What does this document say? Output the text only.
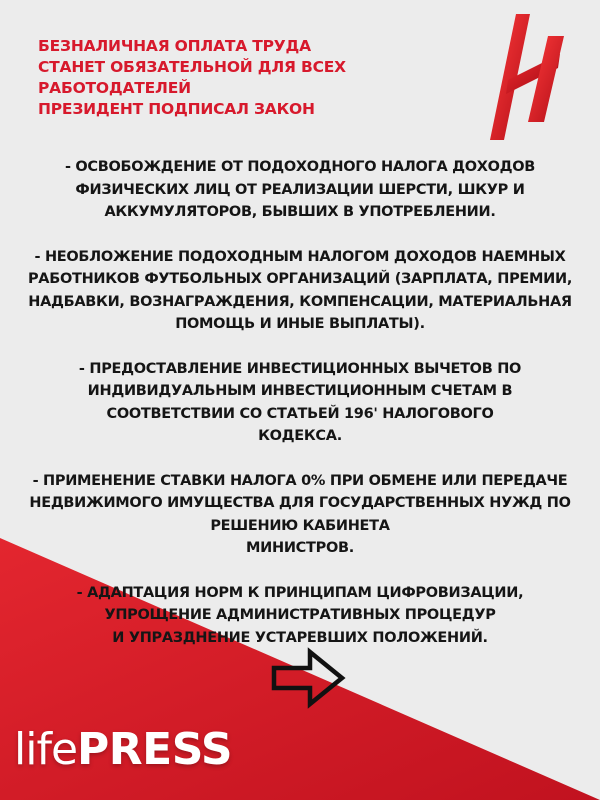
БЕЗНАЛИЧНАЯ ОПЛАТА ТРУДА
СТАНЕТ ОБЯЗАТЕЛЬНОЙ ДЛЯ ВСЕХ
РАБОТОДАТЕЛЕЙ
ПРЕЗИДЕНТ ПОДПИСАЛ ЗАКОН
- ОСВОБОЖДЕНИЕ ОТ ПОДОХОДНОГО НАЛОГА ДОХОДОВ
ФИЗИЧЕСКИХ ЛИЦ ОТ РЕАЛИЗАЦИИ ШЕРСТИ, ШКУР И
АККУМУЛЯТОРОВ, БЫВШИХ В УПОТРЕБЛЕНИИ.
- НЕОБЛОЖЕНИЕ ПОДОХОДНЫМ НАЛОГОМ ДОХОДОВ НАЕМНЫХ
РАБОТНИКОВ ФУТБОЛЬНЫХ ОРГАНИЗАЦИЙ (ЗАРПЛАТА, ПРЕМИИ,
НАДБАВКИ, ВОЗНАГРАЖДЕНИЯ, КОМПЕНСАЦИИ, МАТЕРИАЛЬНАЯ
ПОМОЩЬ И ИНЫЕ ВЫПЛАТЫ).
- ПРЕДОСТАВЛЕНИЕ ИНВЕСТИЦИОННЫХ ВЫЧЕТОВ ПО
ИНДИВИДУАЛЬНЫМ ИНВЕСТИЦИОННЫМ СЧЕТАМ В
СООТВЕТСТВИИ СО СТАТЬЕЙ 196' НАЛОГОВОГО
КОДЕКСА.
- ПРИМЕНЕНИЕ СТАВКИ НАЛОГА 0% ПРИ ОБМЕНЕ ИЛИ ПЕРЕДАЧЕ
НЕДВИЖИМОГО ИМУЩЕСТВА ДЛЯ ГОСУДАРСТВЕННЫХ НУЖД ПО
РЕШЕНИЮ КАБИНЕТА
МИНИСТРОВ.
- АДАПТАЦИЯ НОРМ К ПРИНЦИПАМ ЦИФРОВИЗАЦИИ,
УПРОЩЕНИЕ АДМИНИСТРАТИВНЫХ ПРОЦЕДУР
И УПРАЗДНЕНИЕ УСТАРЕВШИХ ПОЛОЖЕНИЙ.
lifePRESS
